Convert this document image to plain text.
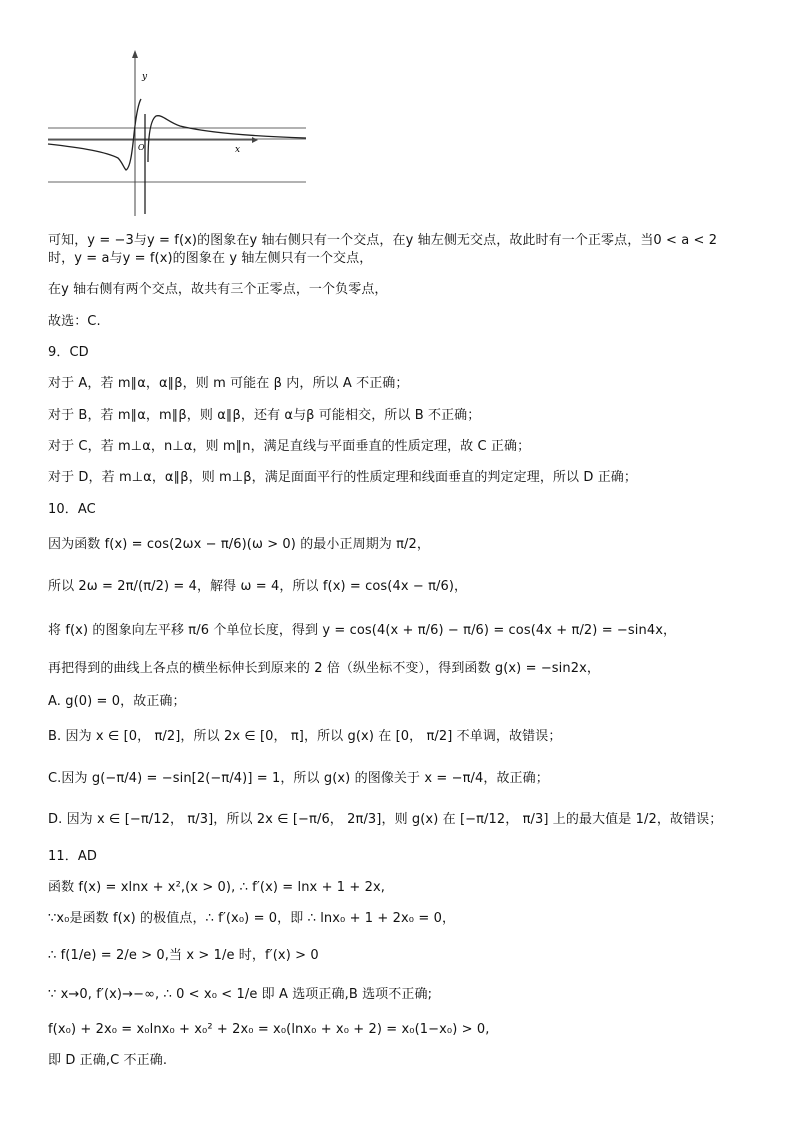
y
x
O
可知，y = −3与y = f(x)的图象在y 轴右侧只有一个交点，在y 轴左侧无交点，故此时有一个正零点，当0 < a < 2
时，y = a与y = f(x)的图象在 y 轴左侧只有一个交点，
在y 轴右侧有两个交点，故共有三个正零点，一个负零点，
故选：C.
9．CD
对于 A，若 m∥α，α∥β，则 m 可能在 β 内，所以 A 不正确；
对于 B，若 m∥α，m∥β，则 α∥β，还有 α与β 可能相交，所以 B 不正确；
对于 C，若 m⊥α，n⊥α，则 m∥n，满足直线与平面垂直的性质定理，故 C 正确；
对于 D，若 m⊥α，α∥β，则 m⊥β，满足面面平行的性质定理和线面垂直的判定定理，所以 D 正确；
10．AC
因为函数 f(x) = cos(2ωx − π/6)(ω > 0) 的最小正周期为 π/2，
所以 2ω = 2π/(π/2) = 4，解得 ω = 4，所以 f(x) = cos(4x − π/6)，
将 f(x) 的图象向左平移 π/6 个单位长度，得到 y = cos(4(x + π/6) − π/6) = cos(4x + π/2) = −sin4x，
再把得到的曲线上各点的横坐标伸长到原来的 2 倍（纵坐标不变），得到函数 g(x) = −sin2x，
A. g(0) = 0，故正确；
B. 因为 x ∈ [0， π/2]，所以 2x ∈ [0， π]，所以 g(x) 在 [0， π/2] 不单调，故错误；
C.因为 g(−π/4) = −sin[2(−π/4)] = 1，所以 g(x) 的图像关于 x = −π/4，故正确；
D. 因为 x ∈ [−π/12， π/3]，所以 2x ∈ [−π/6， 2π/3]，则 g(x) 在 [−π/12， π/3] 上的最大值是 1/2，故错误；
11．AD
函数 f(x) = xlnx + x²,(x > 0), ∴ f′(x) = lnx + 1 + 2x,
∵x₀是函数 f(x) 的极值点，∴ f′(x₀) = 0，即 ∴ lnx₀ + 1 + 2x₀ = 0，
∴ f(1/e) = 2/e > 0,当 x > 1/e 时，f′(x) > 0
∵ x→0, f′(x)→−∞, ∴ 0 < x₀ < 1/e 即 A 选项正确,B 选项不正确;
f(x₀) + 2x₀ = x₀lnx₀ + x₀² + 2x₀ = x₀(lnx₀ + x₀ + 2) = x₀(1−x₀) > 0,
即 D 正确,C 不正确.
